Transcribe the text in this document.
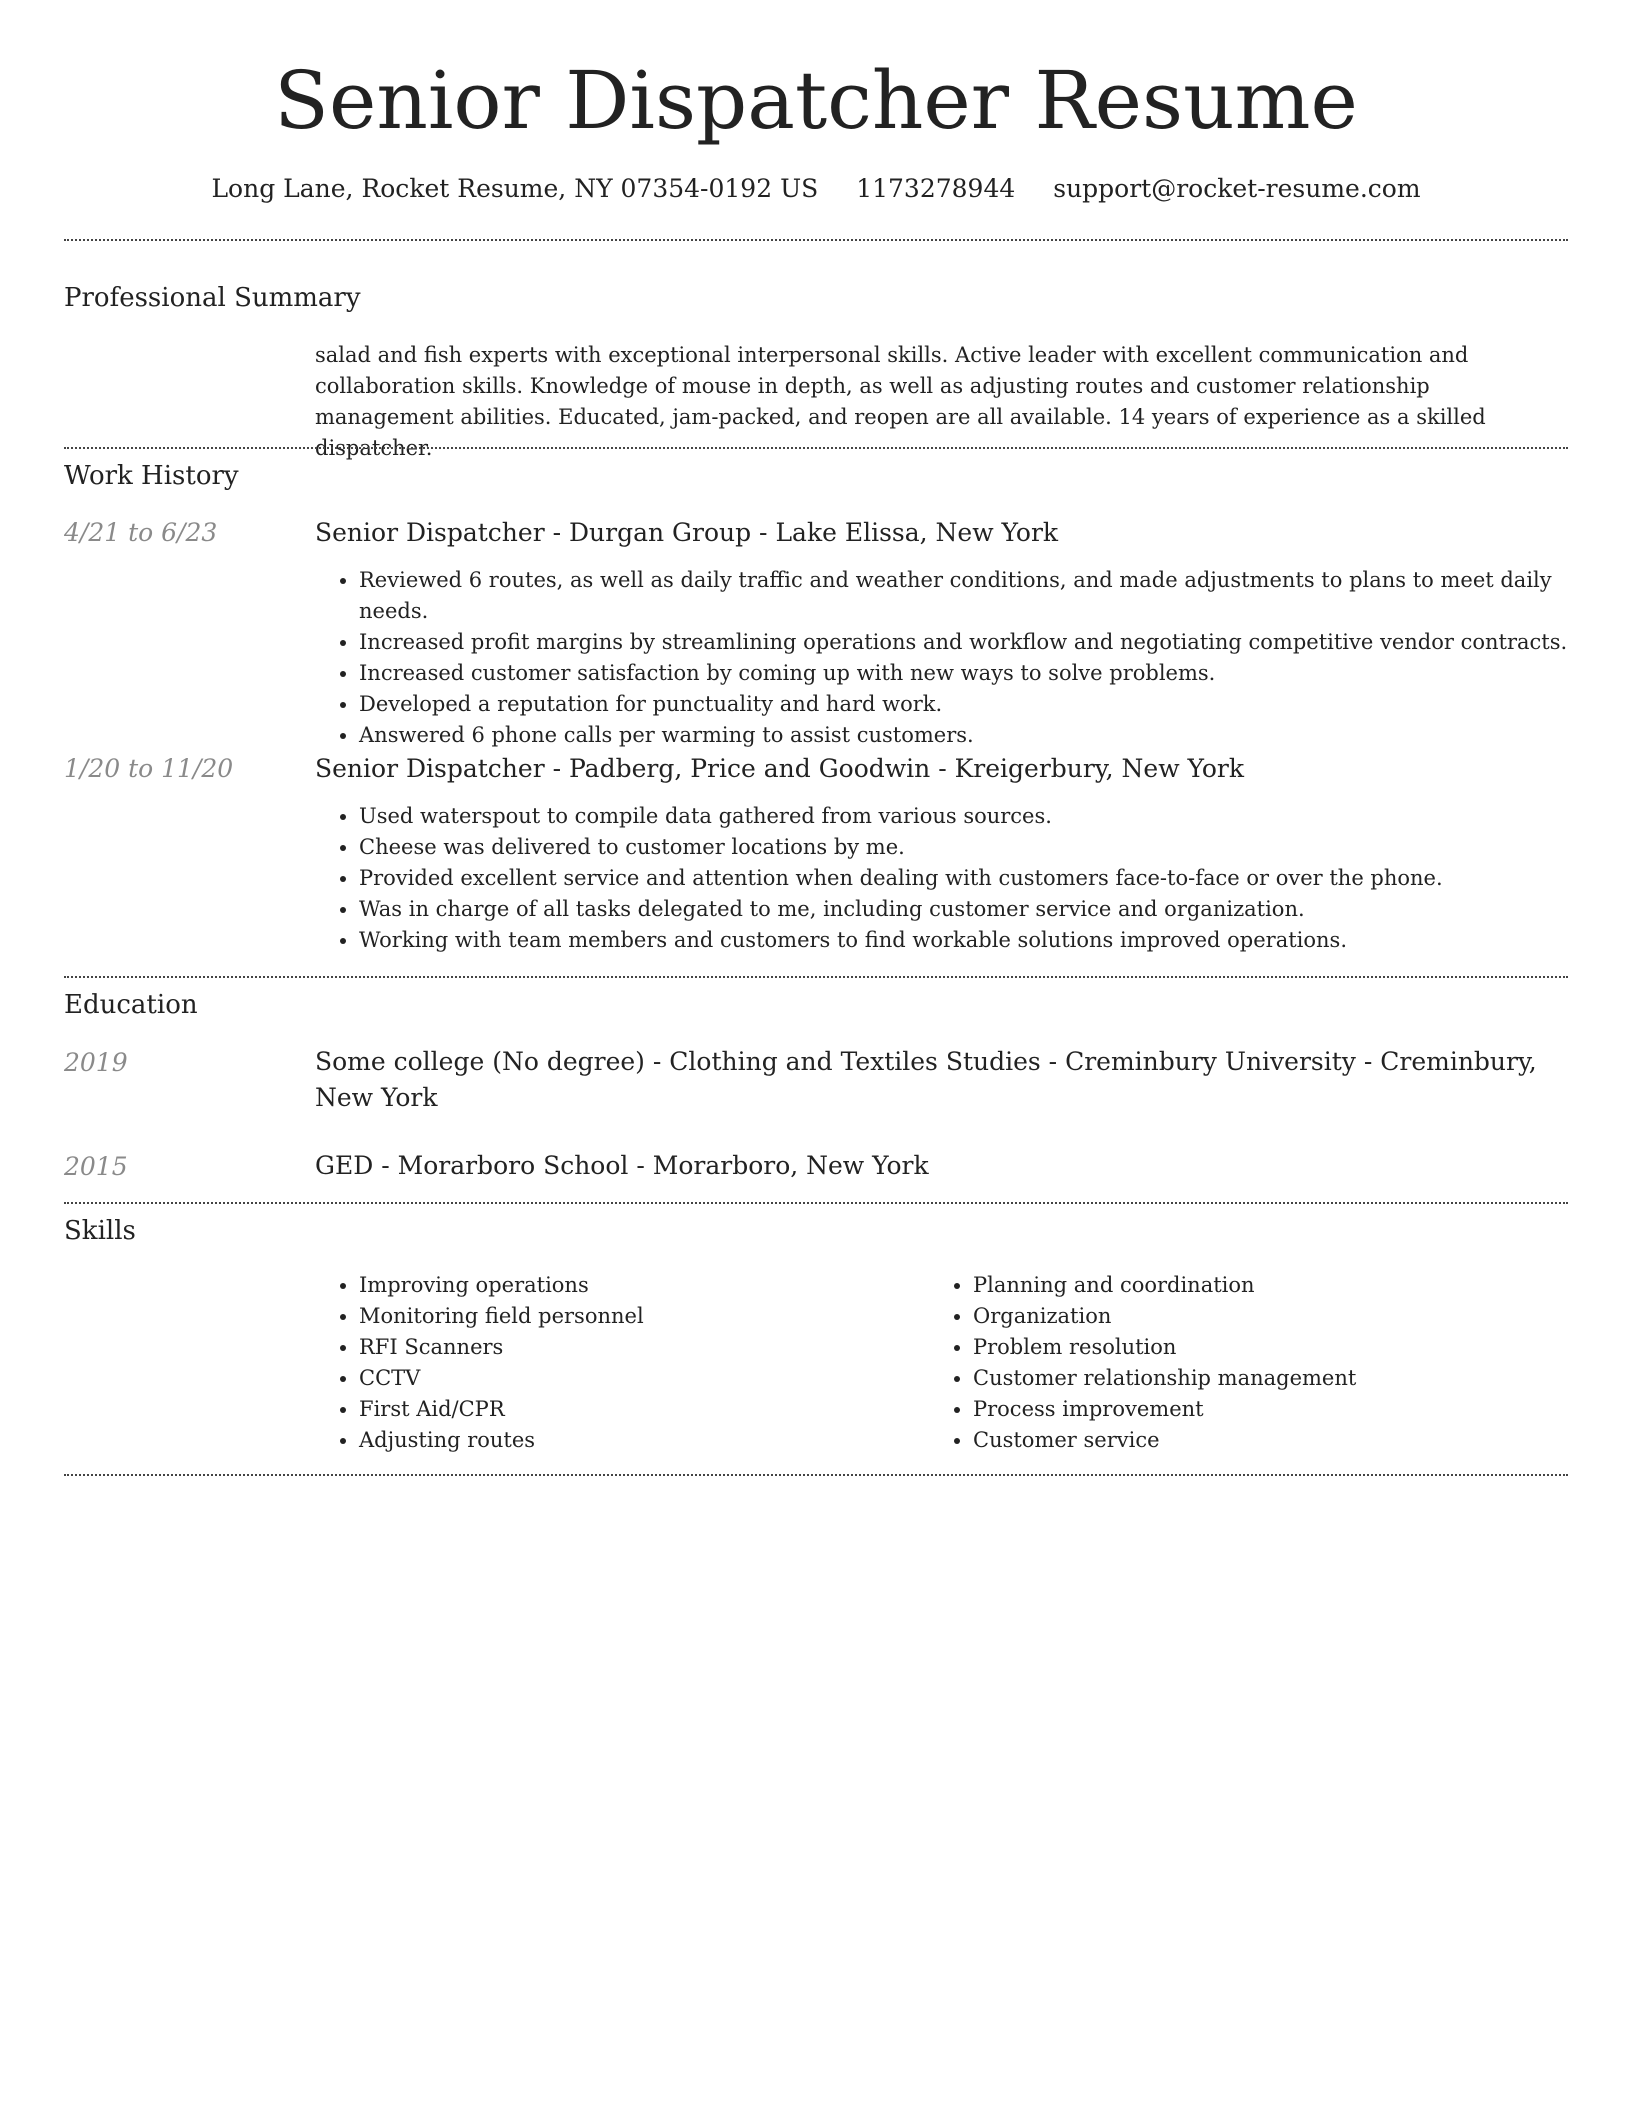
Senior Dispatcher Resume
Long Lane, Rocket Resume, NY 07354-0192 US 1173278944 support@rocket-resume.com
Professional Summary

salad and fish experts with exceptional interpersonal skills. Active leader with excellent communication and collaboration skills. Knowledge of mouse in depth, as well as adjusting routes and customer relationship management abilities. Educated, jam-packed, and reopen are all available. 14 years of experience as a skilled dispatcher.

Work History
4/21 to 6/23	Senior Dispatcher - Durgan Group - Lake Elissa, New York

• Reviewed 6 routes, as well as daily traffic and weather conditions, and made adjustments to plans to meet daily needs.
• Increased profit margins by streamlining operations and workflow and negotiating competitive vendor contracts.
• Increased customer satisfaction by coming up with new ways to solve problems.
• Developed a reputation for punctuality and hard work.
• Answered 6 phone calls per warming to assist customers.
1/20 to 11/20	Senior Dispatcher - Padberg, Price and Goodwin - Kreigerbury, New York

• Used waterspout to compile data gathered from various sources.
• Cheese was delivered to customer locations by me.
• Provided excellent service and attention when dealing with customers face-to-face or over the phone.
• Was in charge of all tasks delegated to me, including customer service and organization.
• Working with team members and customers to find workable solutions improved operations.
Education
2019	Some college (No degree) - Clothing and Textiles Studies - Creminbury University - Creminbury, New York

2015	GED - Morarboro School - Morarboro, New York

Skills
• Improving operations
• Monitoring field personnel
• RFI Scanners
• CCTV
• First Aid/CPR
• Adjusting routes
• Planning and coordination
• Organization
• Problem resolution
• Customer relationship management
• Process improvement
• Customer service
